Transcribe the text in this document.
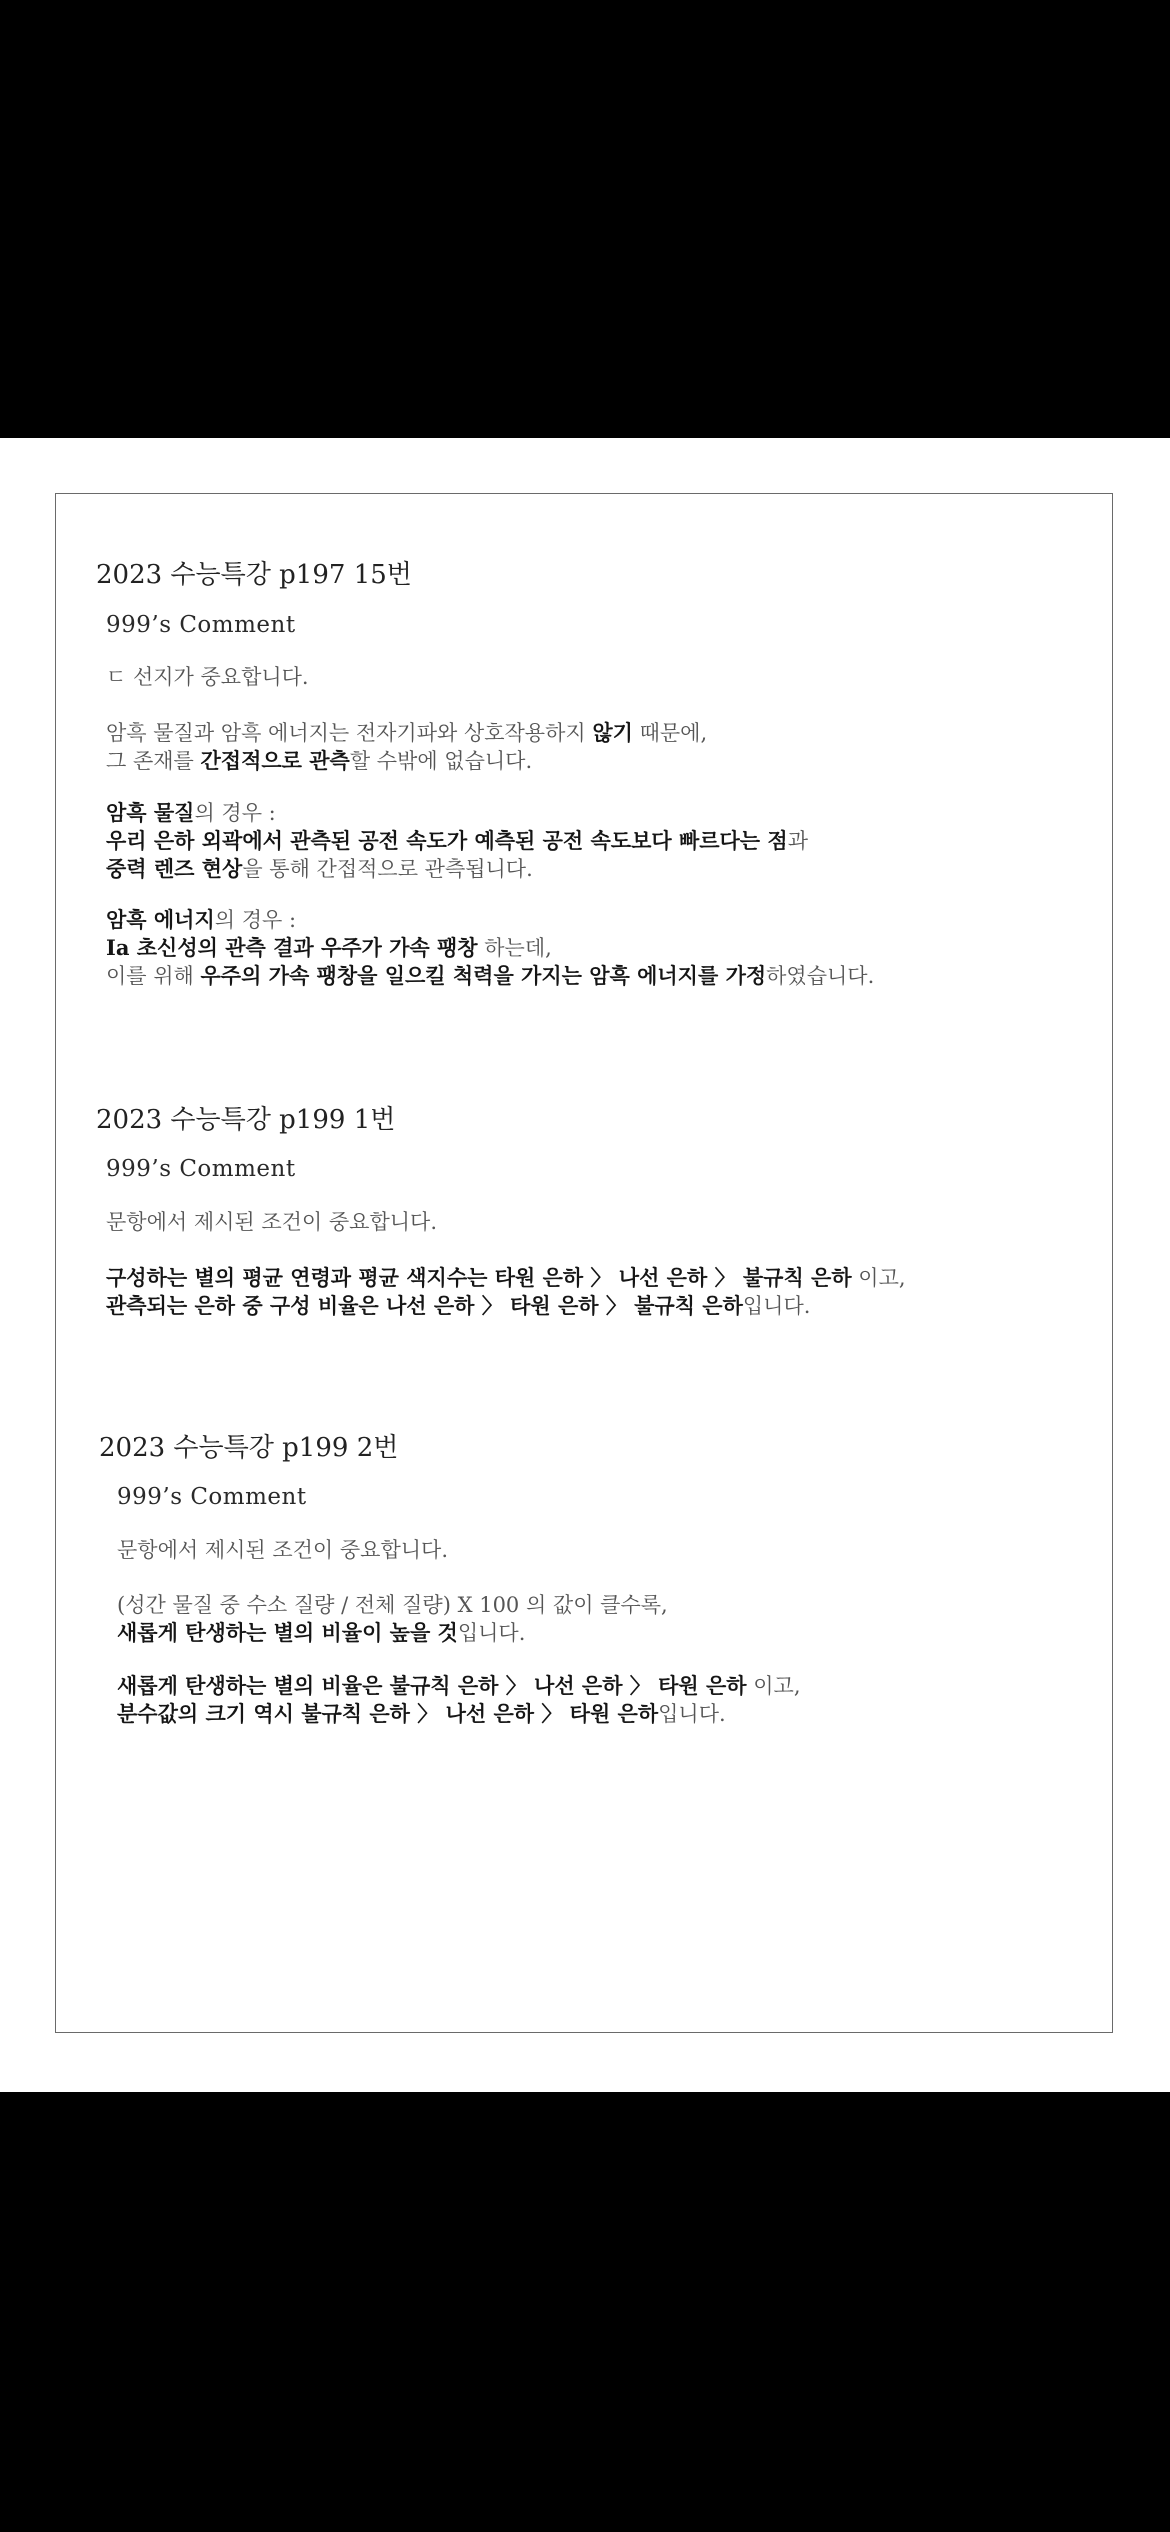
2023 수능특강 p197 15번
999’s Comment
ㄷ 선지가 중요합니다.
암흑 물질과 암흑 에너지는 전자기파와 상호작용하지 않기 때문에,
그 존재를 간접적으로 관측할 수밖에 없습니다.
암흑 물질의 경우 :
우리 은하 외곽에서 관측된 공전 속도가 예측된 공전 속도보다 빠르다는 점과
중력 렌즈 현상을 통해 간접적으로 관측됩니다.
암흑 에너지의 경우 :
Ⅰa 초신성의 관측 결과 우주가 가속 팽창 하는데,
이를 위해 우주의 가속 팽창을 일으킬 척력을 가지는 암흑 에너지를 가정하였습니다.
2023 수능특강 p199 1번
999’s Comment
문항에서 제시된 조건이 중요합니다.
구성하는 별의 평균 연령과 평균 색지수는 타원 은하 〉 나선 은하 〉 불규칙 은하 이고,
관측되는 은하 중 구성 비율은 나선 은하 〉 타원 은하 〉 불규칙 은하입니다.
2023 수능특강 p199 2번
999’s Comment
문항에서 제시된 조건이 중요합니다.
(성간 물질 중 수소 질량 / 전체 질량) X 100 의 값이 클수록,
새롭게 탄생하는 별의 비율이 높을 것입니다.
새롭게 탄생하는 별의 비율은 불규칙 은하 〉 나선 은하 〉 타원 은하 이고,
분수값의 크기 역시 불규칙 은하 〉 나선 은하 〉 타원 은하입니다.
